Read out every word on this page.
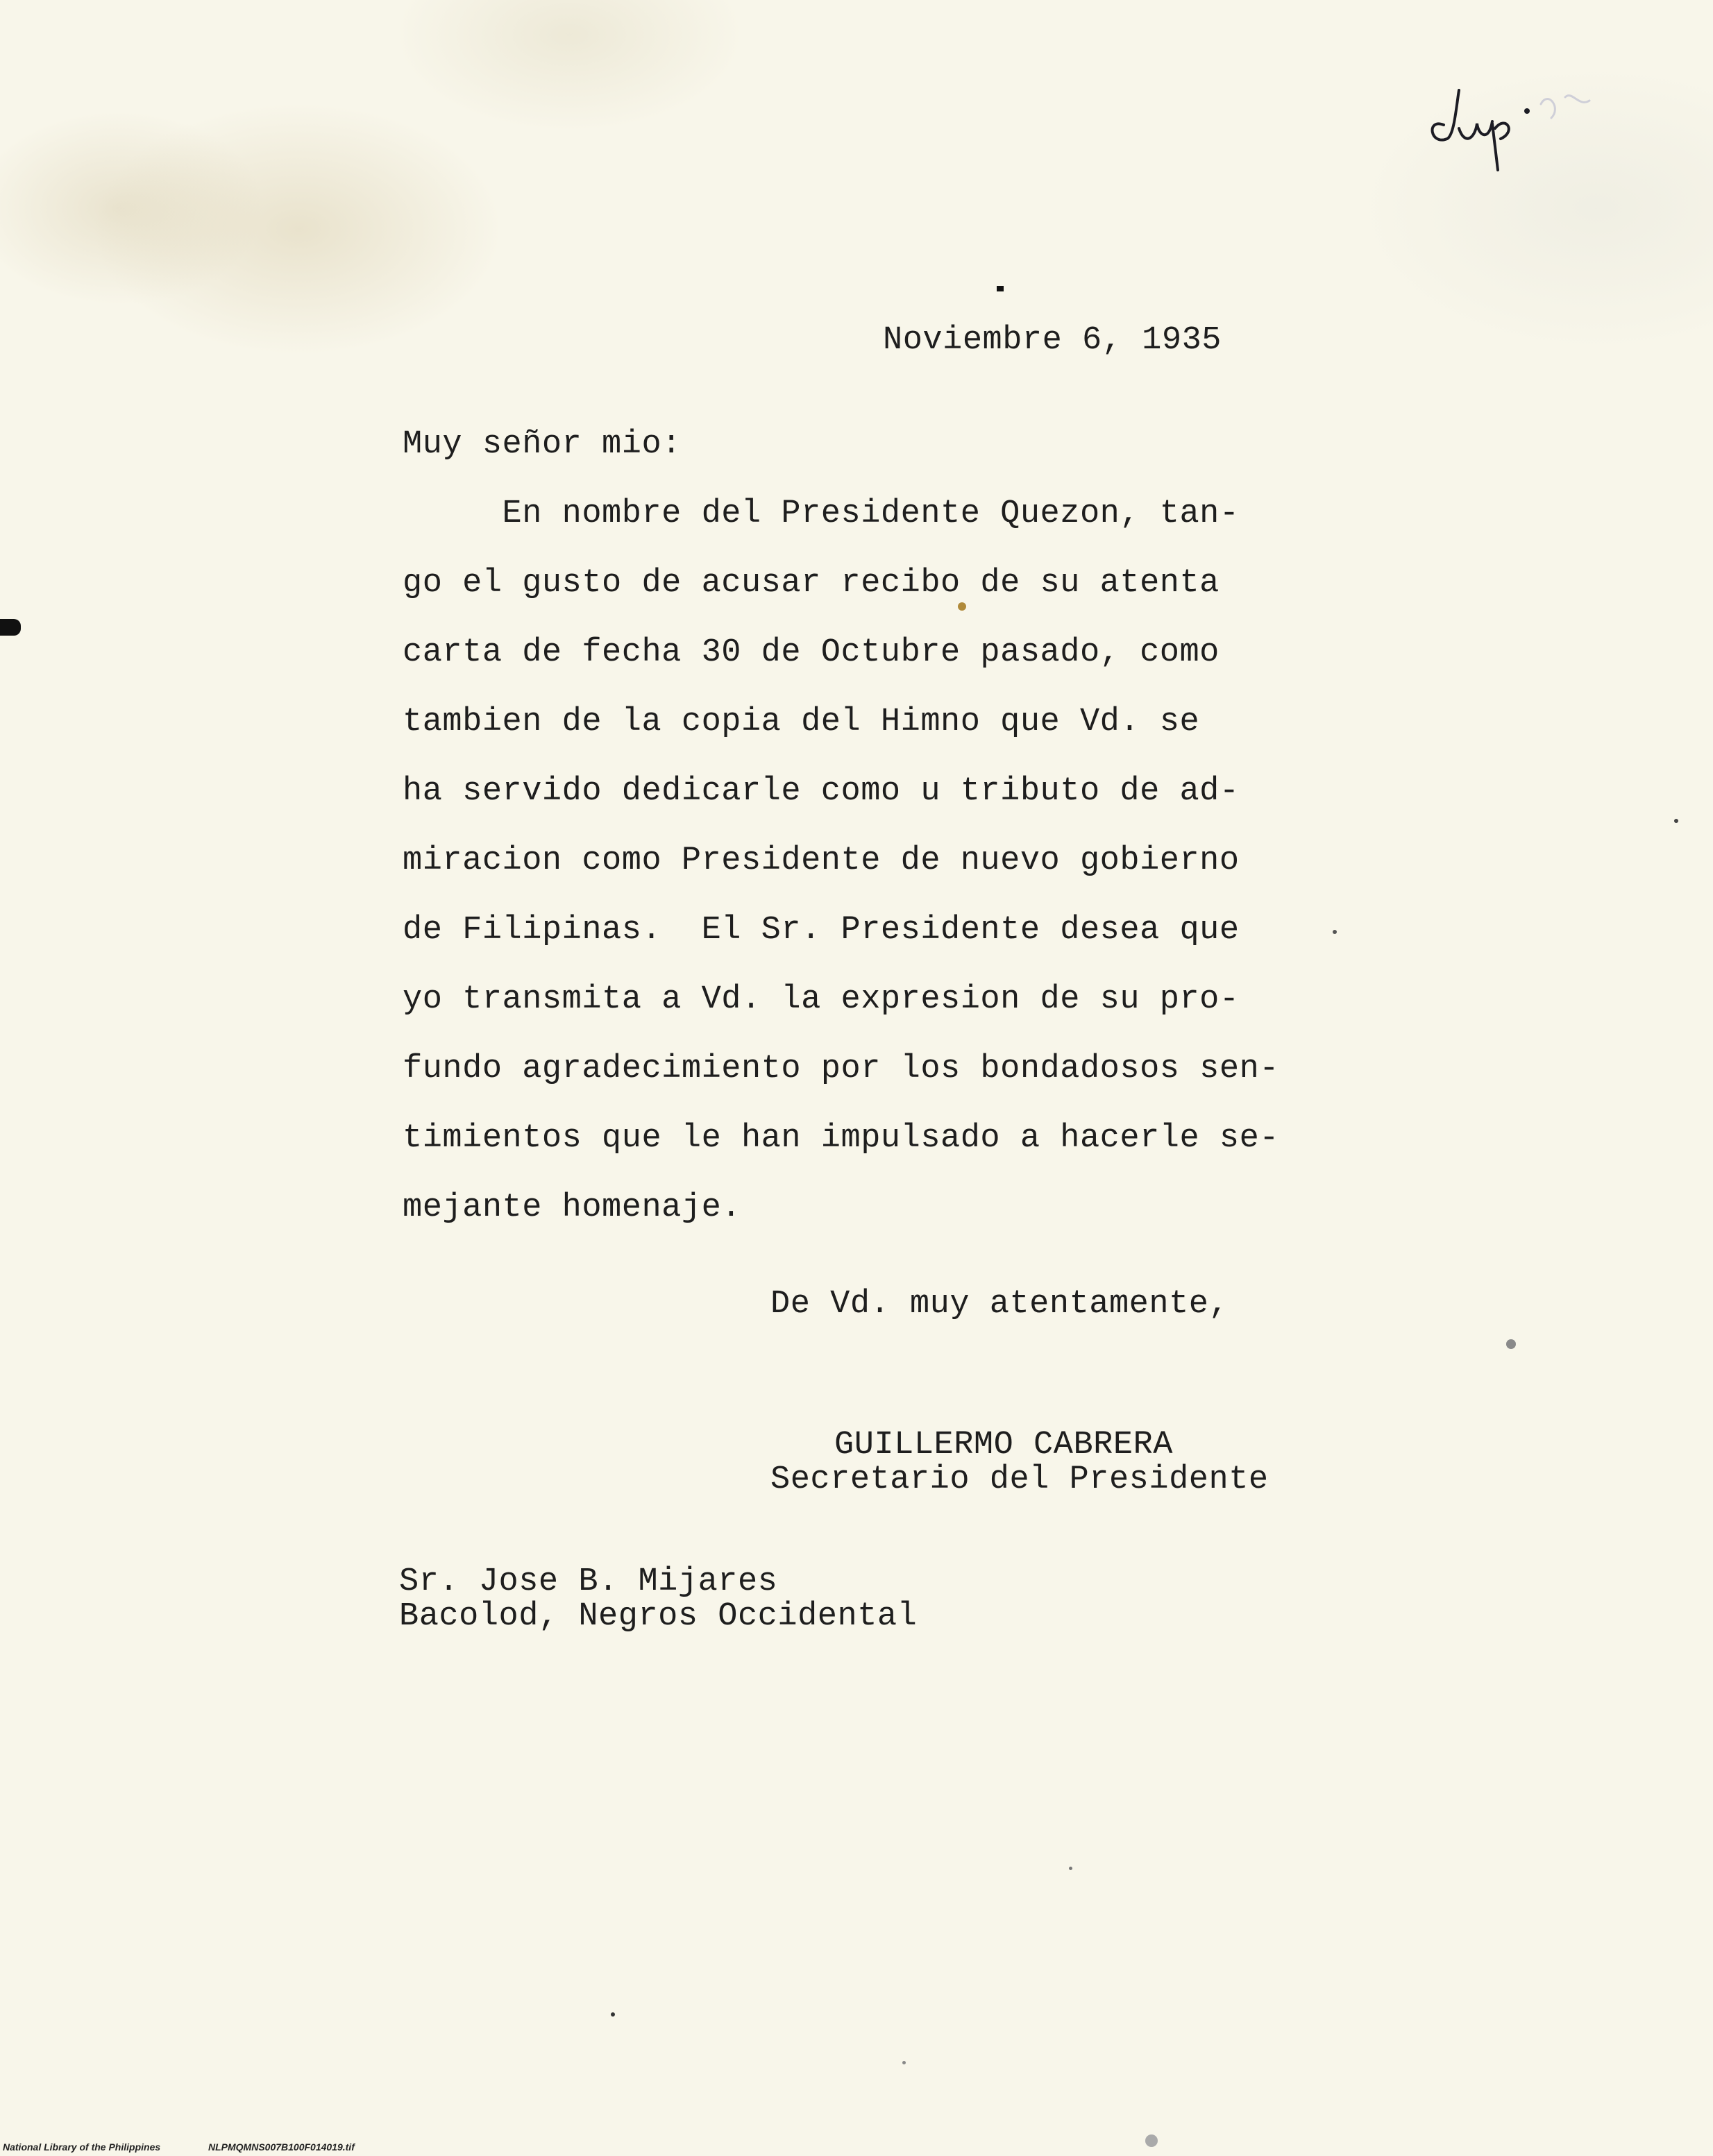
Noviembre 6, 1935
Muy señor mio:
En nombre del Presidente Quezon, tan-
go el gusto de acusar recibo de su atenta
carta de fecha 30 de Octubre pasado, como
tambien de la copia del Himno que Vd. se
ha servido dedicarle como u tributo de ad-
miracion como Presidente de nuevo gobierno
de Filipinas.  El Sr. Presidente desea que
yo transmita a Vd. la expresion de su pro-
fundo agradecimiento por los bondadosos sen-
timientos que le han impulsado a hacerle se-
mejante homenaje.
De Vd. muy atentamente,
GUILLERMO CABRERA
Secretario del Presidente
Sr. Jose B. Mijares
Bacolod, Negros Occidental
National Library of the Philippines	NLPMQMNS007B100F014019.tif
